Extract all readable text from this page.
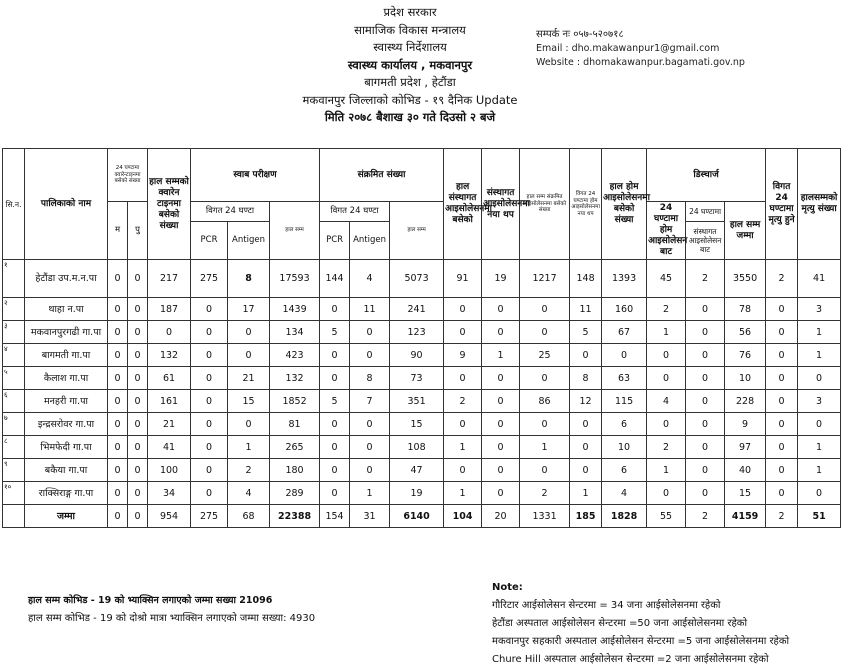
प्रदेश सरकार
सामाजिक विकास मन्त्रालय
स्वास्थ्य निर्देशालय
स्वास्थ्य कार्यालय , मकवानपुर
बागमती प्रदेश , हेटौंडा
मकवानपुर जिल्लाको कोभिड - १९ दैनिक Update
मिति २०७८ बैशाख ३० गते दिउसो २ बजे
सम्पर्क नः ०५७-५२०७१८
Email : dho.makawanpur1@gmail.com
Website : dhomakawanpur.bagamati.gov.np
सि.न.	पालिकाको नाम	24 घण्टामा क्वारेन्टाइनमा बसेको संख्या		हाल सम्मको क्वारेन टाइनमा बसेको संख्या	स्वाब परीक्षण			संक्रमित संख्या			हाल संस्थागत आइसोलेसनमा बसेको	संस्थागत आइसोलेसनमा नया थप	हाल सम्म संक्रमित आइसोलेसनमा बसेको संख्या	विगत 24 घण्टामा होम आइसोलेसनमा नया थप	हाल होम आइसोलेसनमा बसेको संख्या	डिस्चार्ज			विगत 24 घण्टामा मृत्यु हुने	हालसम्मको मृत्यु संख्या
		म	पु		विगत 24 घण्टा		हाल सम्म	विगत 24 घण्टा		हाल सम्म						24 घण्टामा होम आइसोलेसन बाट	24 घण्टामा	हाल सम्म जम्मा		
					PCR	Antigen		PCR	Antigen								संस्थागत आइसोलेसन बाट			
१	हेटौंडा उप.म.न.पा	0	0	217	275	8	17593	144	4	5073	91	19	1217	148	1393	45	2	3550	2	41
२	थाहा न.पा	0	0	187	0	17	1439	0	11	241	0	0	0	11	160	2	0	78	0	3
३	मकवानपुरगढी गा.पा	0	0	0	0	0	134	5	0	123	0	0	0	5	67	1	0	56	0	1
४	बागमती गा.पा	0	0	132	0	0	423	0	0	90	9	1	25	0	0	0	0	76	0	1
५	कैलाश गा.पा	0	0	61	0	21	132	0	8	73	0	0	0	8	63	0	0	10	0	0
६	मनहरी गा.पा	0	0	161	0	15	1852	5	7	351	2	0	86	12	115	4	0	228	0	3
७	इन्द्रसरोवर गा.पा	0	0	21	0	0	81	0	0	15	0	0	0	0	6	0	0	9	0	0
८	भिमफेदी गा.पा	0	0	41	0	1	265	0	0	108	1	0	1	0	10	2	0	97	0	1
९	बकैया गा.पा	0	0	100	0	2	180	0	0	47	0	0	0	0	6	1	0	40	0	1
१०	राक्सिराङ्ग गा.पा	0	0	34	0	4	289	0	1	19	1	0	2	1	4	0	0	15	0	0
	जम्मा	0	0	954	275	68	22388	154	31	6140	104	20	1331	185	1828	55	2	4159	2	51
हाल सम्म कोभिड - 19 को भ्याक्सिन लगाएको जम्मा सख्या 21096
हाल सम्म कोभिड - 19 को दोश्रो मात्रा भ्याक्सिन लगाएको जम्मा सख्या: 4930
Note:
गौरिटार आईसोलेसन सेन्टरमा = 34 जना आईसोलेसनमा रहेको
हेटौंडा अस्पताल आईसोलेसन सेन्टरमा =50 जना आईसोलेसनमा रहेको
मकवानपुर सहकारी अस्पताल आईसोलेसन सेन्टरमा =5 जना आईसोलेसनमा रहेको
Chure Hill अस्पताल आईसोलेसन सेन्टरमा =2 जना आईसोलेसनमा रहेको
